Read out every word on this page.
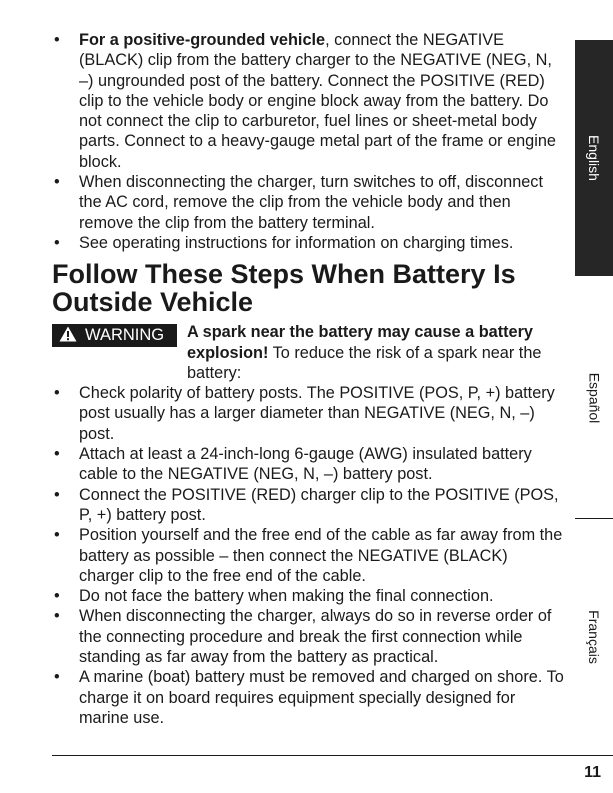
• For a positive-grounded vehicle, connect the NEGATIVE (BLACK) clip from the battery charger to the NEGATIVE (NEG, N, –) ungrounded post of the battery. Connect the POSITIVE (RED) clip to the vehicle body or engine block away from the battery. Do not connect the clip to carburetor, fuel lines or sheet-metal body parts. Connect to a heavy-gauge metal part of the frame or engine block.
• When disconnecting the charger, turn switches to off, disconnect the AC cord, remove the clip from the vehicle body and then remove the clip from the battery terminal.
• See operating instructions for information on charging times.
Follow These Steps When Battery Is Outside Vehicle
WARNING	A spark near the battery may cause a battery explosion! To reduce the risk of a spark near the battery:
• Check polarity of battery posts. The POSITIVE (POS, P, +) battery post usually has a larger diameter than NEGATIVE (NEG, N, –) post.
• Attach at least a 24-inch-long 6-gauge (AWG) insulated battery cable to the NEGATIVE (NEG, N, –) battery post.
• Connect the POSITIVE (RED) charger clip to the POSITIVE (POS, P, +) battery post.
• Position yourself and the free end of the cable as far away from the battery as possible – then connect the NEGATIVE (BLACK) charger clip to the free end of the cable.
• Do not face the battery when making the final connection.
• When disconnecting the charger, always do so in reverse order of the connecting procedure and break the first connection while standing as far away from the battery as practical.
• A marine (boat) battery must be removed and charged on shore. To charge it on board requires equipment specially designed for marine use.
English
Español
Français
11
